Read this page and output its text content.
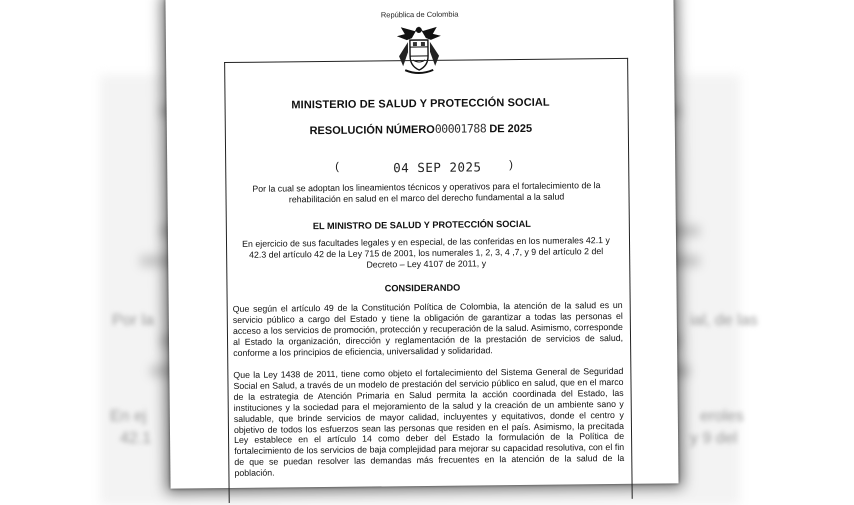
Por la
En ej
42.1
ial, de las
eroles
y 9 del
República de Colombia
MINISTERIO DE SALUD Y PROTECCIÓN SOCIAL
RESOLUCIÓN NÚMERO00001788 DE 2025
(	04 SEP 2025	)
Por la cual se adoptan los lineamientos técnicos y operativos para el fortalecimiento de la rehabilitación en salud en el marco del derecho fundamental a la salud
EL MINISTRO DE SALUD Y PROTECCIÓN SOCIAL
En ejercicio de sus facultades legales y en especial, de las conferidas en los numerales 42.1 y 42.3 del artículo 42 de la Ley 715 de 2001, los numerales 1, 2, 3, 4 ,7, y 9 del artículo 2 del Decreto – Ley 4107 de 2011, y
CONSIDERANDO
Que según el artículo 49 de la Constitución Política de Colombia, la atención de la salud es un servicio público a cargo del Estado y tiene la obligación de garantizar a todas las personas el acceso a los servicios de promoción, protección y recuperación de la salud. Asimismo, corresponde al Estado la organización, dirección y reglamentación de la prestación de servicios de salud, conforme a los principios de eficiencia, universalidad y solidaridad.
Que la Ley 1438 de 2011, tiene como objeto el fortalecimiento del Sistema General de Seguridad Social en Salud, a través de un modelo de prestación del servicio público en salud, que en el marco de la estrategia de Atención Primaria en Salud permita la acción coordinada del Estado, las instituciones y la sociedad para el mejoramiento de la salud y la creación de un ambiente sano y saludable, que brinde servicios de mayor calidad, incluyentes y equitativos, donde el centro y objetivo de todos los esfuerzos sean las personas que residen en el país. Asimismo, la precitada Ley establece en el artículo 14 como deber del Estado la formulación de la Política de fortalecimiento de los servicios de baja complejidad para mejorar su capacidad resolutiva, con el fin de que se puedan resolver las demandas más frecuentes en la atención de la salud de la población.
